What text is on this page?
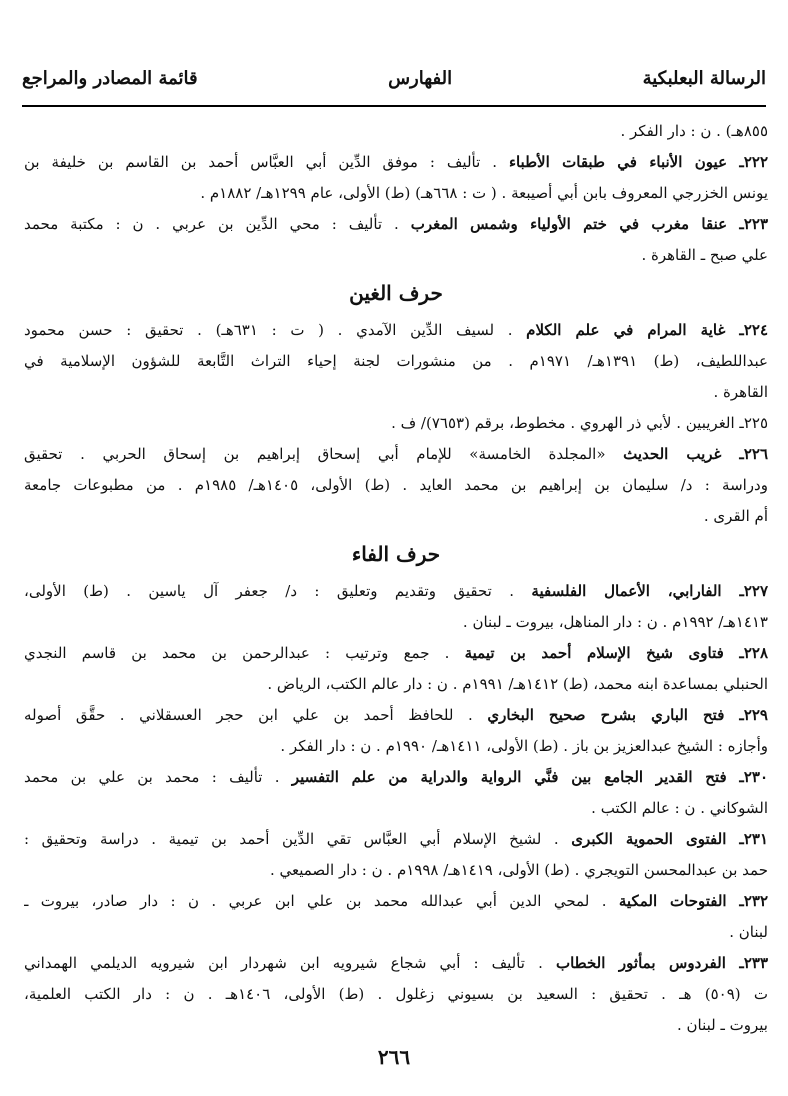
الرسالة البعلبكية
الفهارس
قائمة المصادر والمراجع
٨٥٥هـ) . ن : دار الفكر .
٢٢٢ـ عيون الأنباء في طبقات الأطباء . تأليف : موفق الدِّين أبي العبَّاس أحمد بن القاسم بن خليفة بن
يونس الخزرجي المعروف بابن أبي أصيبعة . ( ت : ٦٦٨هـ) (ط) الأولى، عام ١٢٩٩هـ/ ١٨٨٢م .
٢٢٣ـ عنقا مغرب في ختم الأولياء وشمس المغرب . تأليف : محي الدِّين بن عربي . ن : مكتبة محمد
علي صبح ـ القاهرة .
حرف الغين
٢٢٤ـ غاية المرام في علم الكلام . لسيف الدِّين الآمدي . ( ت : ٦٣١هـ) . تحقيق : حسن محمود
عبداللطيف، (ط) ١٣٩١هـ/ ١٩٧١م . من منشورات لجنة إحياء التراث التَّابعة للشؤون الإسلامية في
القاهرة .
٢٢٥ـ الغريبين . لأبي ذر الهروي . مخطوط، برقم (٧٦٥٣)/ ف .
٢٢٦ـ غريب الحديث «المجلدة الخامسة» للإمام أبي إسحاق إبراهيم بن إسحاق الحربي . تحقيق
ودراسة : د/ سليمان بن إبراهيم بن محمد العايد . (ط) الأولى، ١٤٠٥هـ/ ١٩٨٥م . من مطبوعات جامعة
أم القرى .
حرف الفاء
٢٢٧ـ الفارابي، الأعمال الفلسفية . تحقيق وتقديم وتعليق : د/ جعفر آل ياسين . (ط) الأولى،
١٤١٣هـ/ ١٩٩٢م . ن : دار المناهل، بيروت ـ لبنان .
٢٢٨ـ فتاوى شيخ الإسلام أحمد بن تيمية . جمع وترتيب : عبدالرحمن بن محمد بن قاسم النجدي
الحنبلي بمساعدة ابنه محمد، (ط) ١٤١٢هـ/ ١٩٩١م . ن : دار عالم الكتب، الرياض .
٢٢٩ـ فتح الباري بشرح صحيح البخاري . للحافظ أحمد بن علي ابن حجر العسقلاني . حقَّق أصوله
وأجازه : الشيخ عبدالعزيز بن باز . (ط) الأولى، ١٤١١هـ/ ١٩٩٠م . ن : دار الفكر .
٢٣٠ـ فتح القدير الجامع بين فنَّي الرواية والدراية من علم التفسير . تأليف : محمد بن علي بن محمد
الشوكاني . ن : عالم الكتب .
٢٣١ـ الفتوى الحموية الكبرى . لشيخ الإسلام أبي العبَّاس تقي الدِّين أحمد بن تيمية . دراسة وتحقيق :
حمد بن عبدالمحسن التويجري . (ط) الأولى، ١٤١٩هـ/ ١٩٩٨م . ن : دار الصميعي .
٢٣٢ـ الفتوحات المكية . لمحي الدين أبي عبدالله محمد بن علي ابن عربي . ن : دار صادر، بيروت ـ
لبنان .
٢٣٣ـ الفردوس بمأثور الخطاب . تأليف : أبي شجاع شيرويه ابن شهردار ابن شيرويه الديلمي الهمداني
ت (٥٠٩) هـ . تحقيق : السعيد بن بسيوني زغلول . (ط) الأولى، ١٤٠٦هـ . ن : دار الكتب العلمية،
بيروت ـ لبنان .
٢٦٦
